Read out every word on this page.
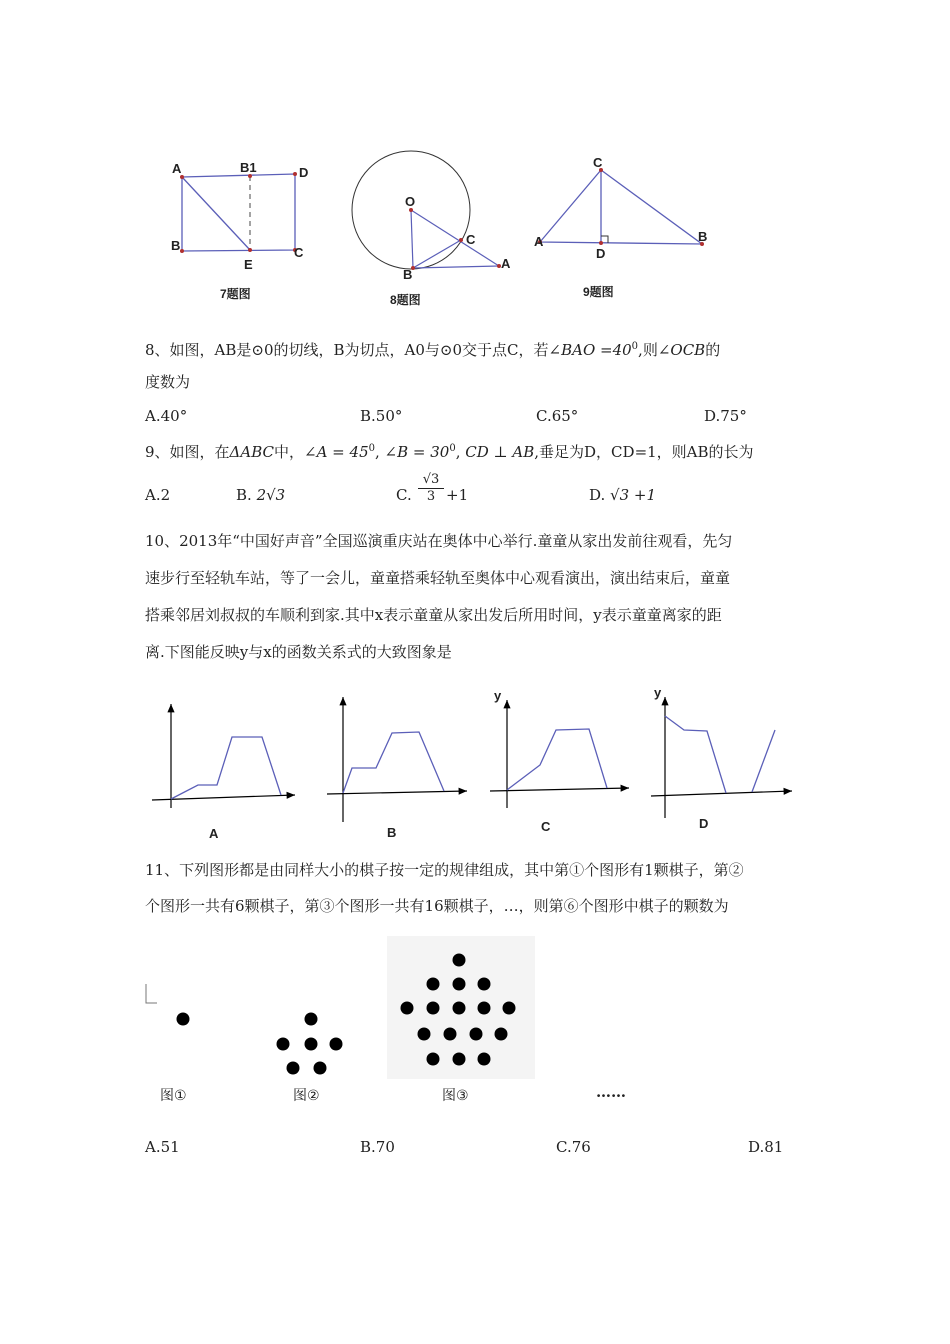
A	B1	D
B
E
C
7题图
O
C
B
A
8题图
C
A
D
B
9题图
8、如图，AB是⊙0的切线，B为切点，A0与⊙0交于点C，若∠BAO $=40^0$,则∠OCB的
度数为
A.40°	B.50°	C.65°	D.75°
9、如图，在ΔABC中，∠A = $45^0$, ∠B = $30^0$, CD ⊥ AB,垂足为D，CD=1，则AB的长为
A.2	B. 2√3	C. $\frac{√3}{3} +1$	D. √3 +1
10、2013年“中国好声音”全国巡演重庆站在奥体中心举行.童童从家出发前往观看，先匀
速步行至轻轨车站，等了一会儿，童童搭乘轻轨至奥体中心观看演出，演出结束后，童童
搭乘邻居刘叔叔的车顺利到家.其中x表示童童从家出发后所用时间，y表示童童离家的距
离.下图能反映y与x的函数关系式的大致图象是
y	y
A	B	C	D
11、下列图形都是由同样大小的棋子按一定的规律组成，其中第①个图形有1颗棋子，第②
个图形一共有6颗棋子，第③个图形一共有16颗棋子，…，则第⑥个图形中棋子的颗数为
图①	图②	图③	……
A.51	B.70	C.76	D.81
